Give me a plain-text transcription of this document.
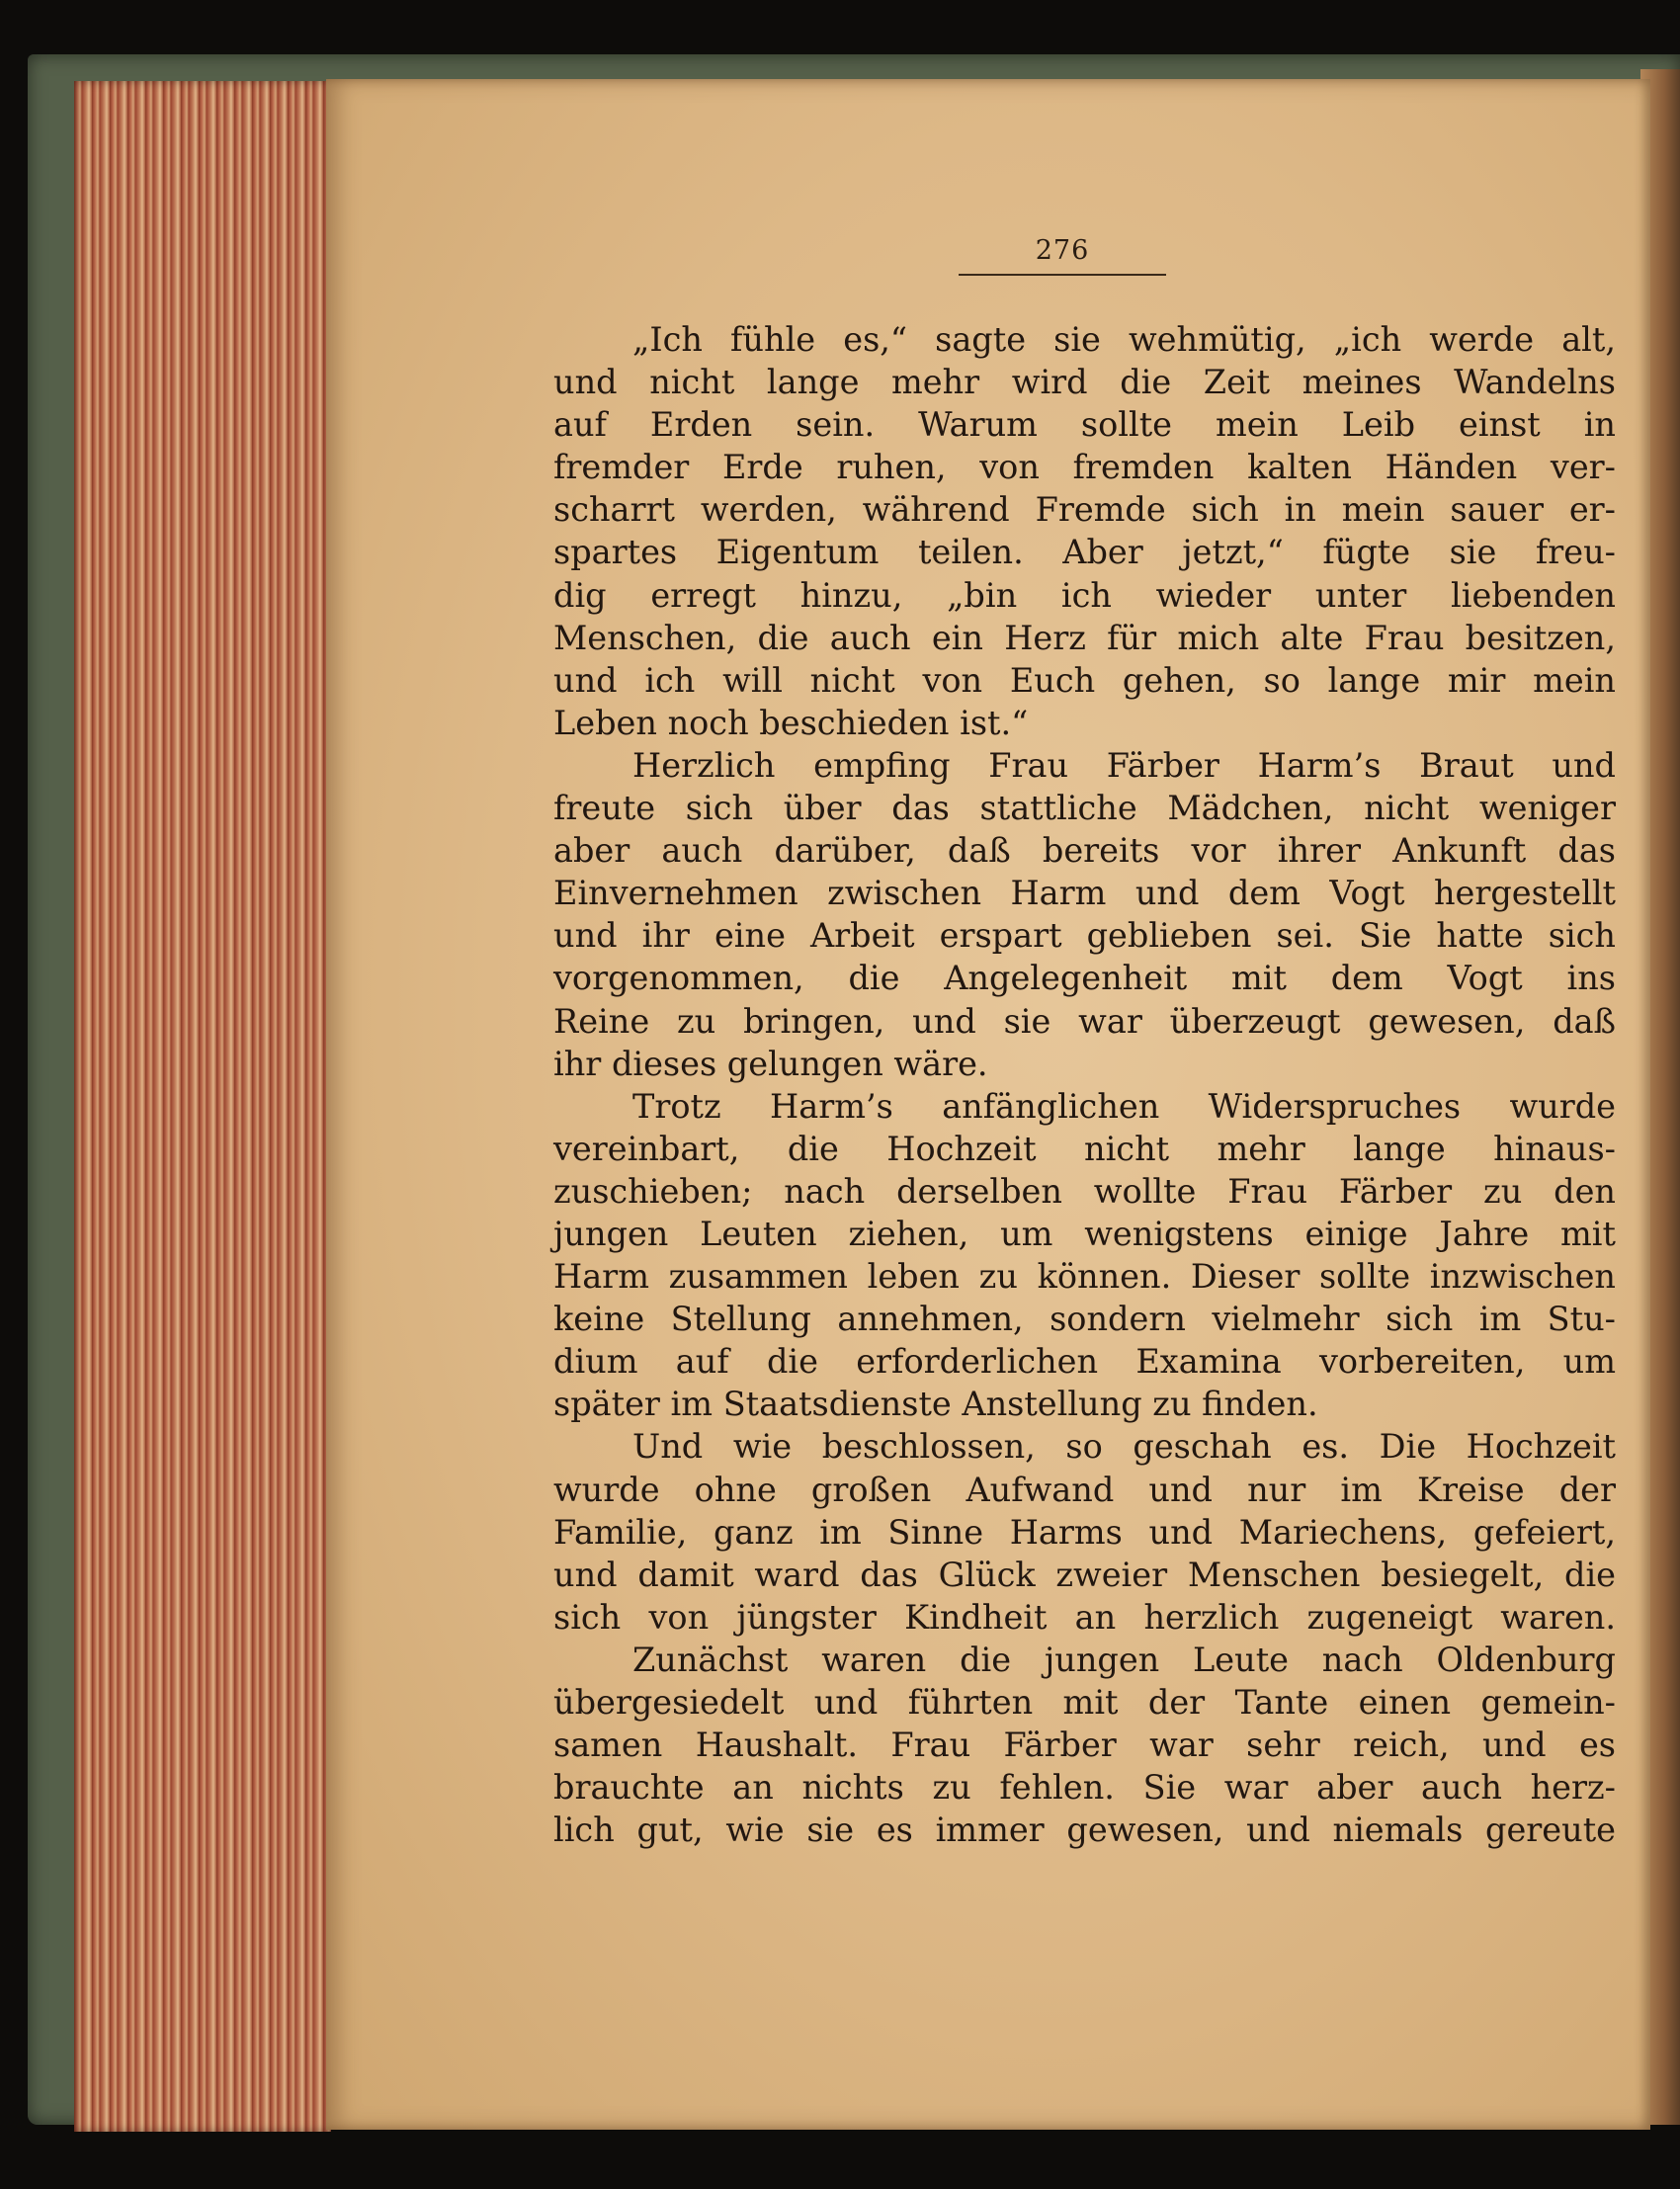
276
„Ich fühle es,“ sagte sie wehmütig, „ich werde alt,
und nicht lange mehr wird die Zeit meines Wandelns
auf Erden sein. Warum sollte mein Leib einst in
fremder Erde ruhen, von fremden kalten Händen ver-
scharrt werden, während Fremde sich in mein sauer er-
spartes Eigentum teilen. Aber jetzt,“ fügte sie freu-
dig erregt hinzu, „bin ich wieder unter liebenden
Menschen, die auch ein Herz für mich alte Frau besitzen,
und ich will nicht von Euch gehen, so lange mir mein
Leben noch beschieden ist.“
Herzlich empfing Frau Färber Harm’s Braut und
freute sich über das stattliche Mädchen, nicht weniger
aber auch darüber, daß bereits vor ihrer Ankunft das
Einvernehmen zwischen Harm und dem Vogt hergestellt
und ihr eine Arbeit erspart geblieben sei. Sie hatte sich
vorgenommen, die Angelegenheit mit dem Vogt ins
Reine zu bringen, und sie war überzeugt gewesen, daß
ihr dieses gelungen wäre.
Trotz Harm’s anfänglichen Widerspruches wurde
vereinbart, die Hochzeit nicht mehr lange hinaus-
zuschieben; nach derselben wollte Frau Färber zu den
jungen Leuten ziehen, um wenigstens einige Jahre mit
Harm zusammen leben zu können. Dieser sollte inzwischen
keine Stellung annehmen, sondern vielmehr sich im Stu-
dium auf die erforderlichen Examina vorbereiten, um
später im Staatsdienste Anstellung zu finden.
Und wie beschlossen, so geschah es. Die Hochzeit
wurde ohne großen Aufwand und nur im Kreise der
Familie, ganz im Sinne Harms und Mariechens, gefeiert,
und damit ward das Glück zweier Menschen besiegelt, die
sich von jüngster Kindheit an herzlich zugeneigt waren.
Zunächst waren die jungen Leute nach Oldenburg
übergesiedelt und führten mit der Tante einen gemein-
samen Haushalt. Frau Färber war sehr reich, und es
brauchte an nichts zu fehlen. Sie war aber auch herz-
lich gut, wie sie es immer gewesen, und niemals gereute
